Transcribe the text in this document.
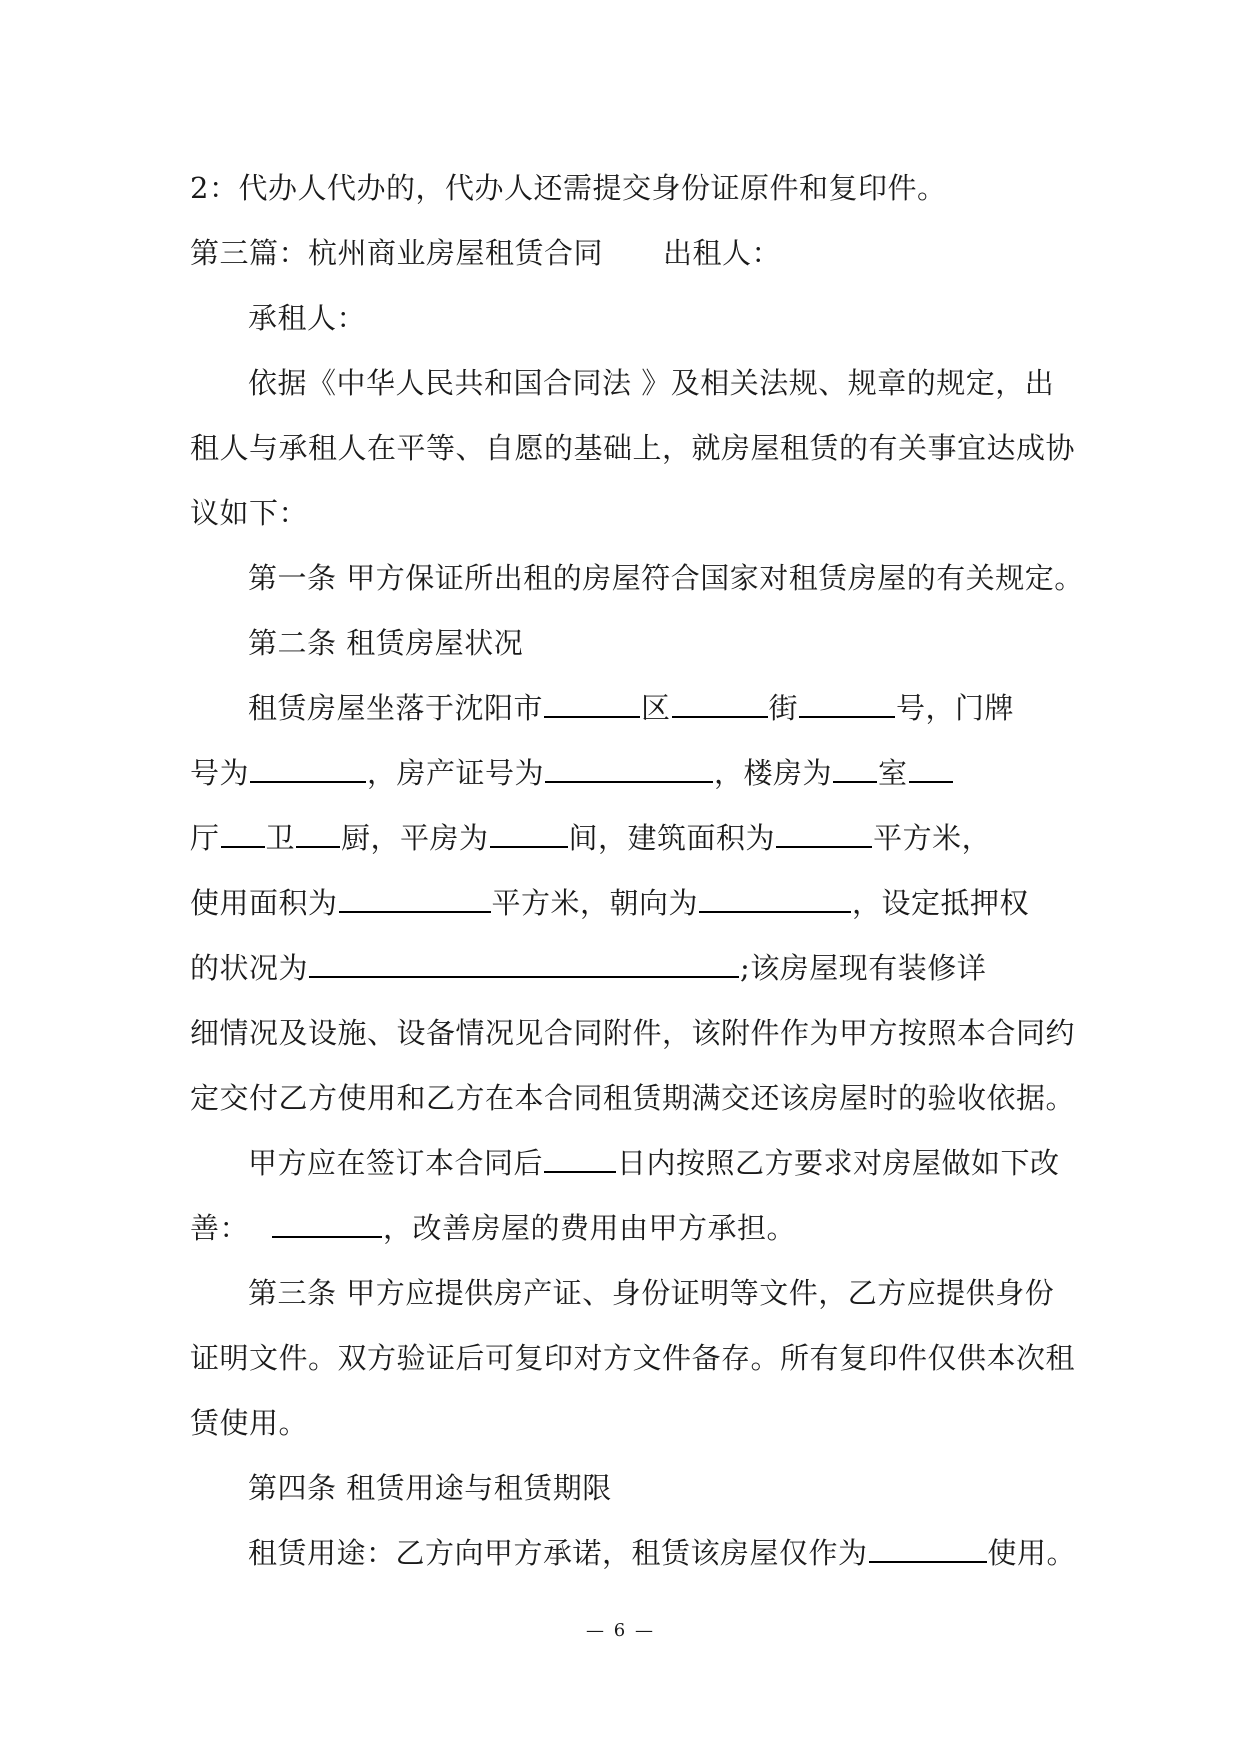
2：代办人代办的，代办人还需提交身份证原件和复印件。
第三篇：杭州商业房屋租赁合同 出租人：
承租人：
依据《中华人民共和国合同法 》及相关法规、规章的规定，出
租人与承租人在平等、自愿的基础上，就房屋租赁的有关事宜达成协
议如下：
第一条 甲方保证所出租的房屋符合国家对租赁房屋的有关规定。
第二条 租赁房屋状况
租赁房屋坐落于沈阳市	区	街	号，门牌
号为	，房产证号为	，楼房为 室
厅 卫 厨，平房为	间，建筑面积为	平方米，
使用面积为	平方米，朝向为	，设定抵押权
的状况为	;该房屋现有装修详
细情况及设施、设备情况见合同附件，该附件作为甲方按照本合同约
定交付乙方使用和乙方在本合同租赁期满交还该房屋时的验收依据。
甲方应在签订本合同后	日内按照乙方要求对房屋做如下改
善：	，改善房屋的费用由甲方承担。
第三条 甲方应提供房产证、身份证明等文件，乙方应提供身份
证明文件。双方验证后可复印对方文件备存。所有复印件仅供本次租
赁使用。
第四条 租赁用途与租赁期限
租赁用途：乙方向甲方承诺，租赁该房屋仅作为	使用。
— 6 —
